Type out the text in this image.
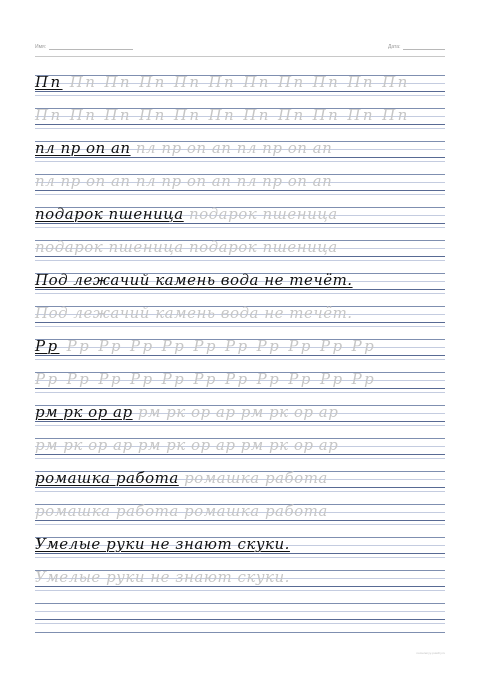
Имя:	Дата:
Пп Пп Пп Пп Пп Пп Пп Пп Пп Пп Пп
Пп Пп Пп Пп Пп Пп Пп Пп Пп Пп Пп
пл пр оп ап пл пр оп ап пл пр оп ап
пл пр оп ап пл пр оп ап пл пр оп ап
подарок пшеница подарок пшеница
подарок пшеница подарок пшеница
Под лежачий камень вода не течёт.
Под лежачий камень вода не течёт.
Рр Рр Рр Рр Рр Рр Рр Рр Рр Рр Рр
Рр Рр Рр Рр Рр Рр Рр Рр Рр Рр Рр
рм рк ор ар рм рк ор ар рм рк ор ар
рм рк ор ар рм рк ор ар рм рк ор ар
ромашка работа ромашка работа
ромашка работа ромашка работа
Умелые руки не знают скуки.
Умелые руки не знают скуки.
nomerenyy-puschy.ru
